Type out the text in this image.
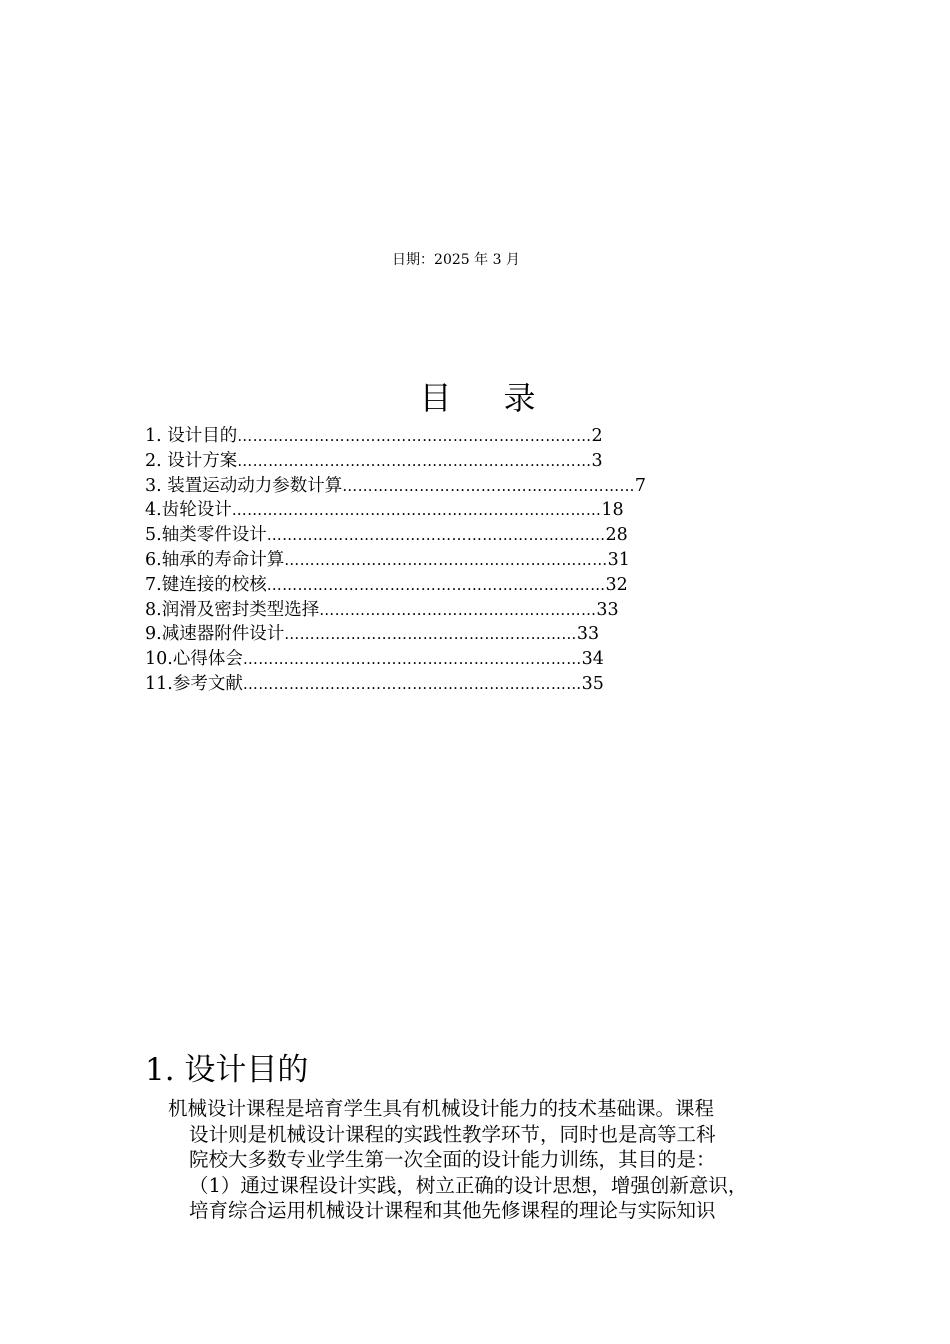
日期：2025 年 3 月
目 录
1. 设计目的 …………………………………………………………… 2
2. 设计方案 …………………………………………………………… 3
3. 装置运动动力参数计算 ………………………………………………… 7
4.齿轮设计 ……………………………………………………………… 18
5.轴类零件设计 ………………………………………………………… 28
6.轴承的寿命计算 ……………………………………………………… 31
7.键连接的校核 ………………………………………………………… 32
8.润滑及密封类型选择 ……………………………………………… 33
9.减速器附件设计 ………………………………………………… 33
10.心得体会 ………………………………………………………… 34
11.参考文献 ………………………………………………………… 35
1. 设计目的
机械设计课程是培育学生具有机械设计能力的技术基础课。课程
设计则是机械设计课程的实践性教学环节，同时也是高等工科
院校大多数专业学生第一次全面的设计能力训练，其目的是：
（1）通过课程设计实践，树立正确的设计思想，增强创新意识，
培育综合运用机械设计课程和其他先修课程的理论与实际知识
